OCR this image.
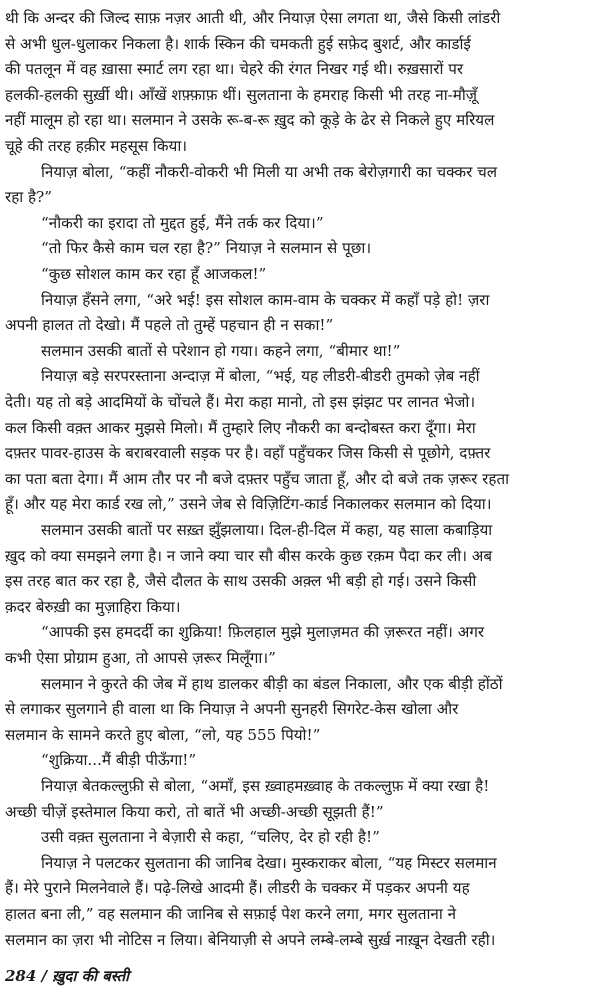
थी कि अन्दर की जिल्द साफ़ नज़र आती थी, और नियाज़ ऐसा लगता था, जैसे किसी लांडरी
से अभी धुल-धुलाकर निकला है। शार्क स्किन की चमकती हुई सफ़ेद बुशर्ट, और कार्डाई
की पतलून में वह ख़ासा स्मार्ट लग रहा था। चेहरे की रंगत निखर गई थी। रुख़सारों पर
हलकी-हलकी सुर्ख़ी थी। आँखें शफ़्फ़ाफ़ थीं। सुलताना के हमराह किसी भी तरह ना-मौज़ूँ
नहीं मालूम हो रहा था। सलमान ने उसके रू-ब-रू ख़ुद को कूड़े के ढेर से निकले हुए मरियल
चूहे की तरह हक़ीर महसूस किया।
नियाज़ बोला, “कहीं नौकरी-वोकरी भी मिली या अभी तक बेरोज़गारी का चक्कर चल
रहा है?”
“नौकरी का इरादा तो मुद्दत हुई, मैंने तर्क कर दिया।”
“तो फिर कैसे काम चल रहा है?” नियाज़ ने सलमान से पूछा।
“कुछ सोशल काम कर रहा हूँ आजकल!”
नियाज़ हँसने लगा, “अरे भई! इस सोशल काम-वाम के चक्कर में कहाँ पड़े हो! ज़रा
अपनी हालत तो देखो। मैं पहले तो तुम्हें पहचान ही न सका!”
सलमान उसकी बातों से परेशान हो गया। कहने लगा, “बीमार था!”
नियाज़ बड़े सरपरस्ताना अन्दाज़ में बोला, “भई, यह लीडरी-बीडरी तुमको ज़ेब नहीं
देती। यह तो बड़े आदमियों के चोंचले हैं। मेरा कहा मानो, तो इस झंझट पर लानत भेजो।
कल किसी वक़्त आकर मुझसे मिलो। मैं तुम्हारे लिए नौकरी का बन्दोबस्त करा दूँगा। मेरा
दफ़्तर पावर-हाउस के बराबरवाली सड़क पर है। वहाँ पहुँचकर जिस किसी से पूछोगे, दफ़्तर
का पता बता देगा। मैं आम तौर पर नौ बजे दफ़्तर पहुँच जाता हूँ, और दो बजे तक ज़रूर रहता
हूँ। और यह मेरा कार्ड रख लो,” उसने जेब से विज़िटिंग-कार्ड निकालकर सलमान को दिया।
सलमान उसकी बातों पर सख़्त झुँझलाया। दिल-ही-दिल में कहा, यह साला कबाड़िया
ख़ुद को क्या समझने लगा है। न जाने क्या चार सौ बीस करके कुछ रक़म पैदा कर ली। अब
इस तरह बात कर रहा है, जैसे दौलत के साथ उसकी अक़्ल भी बड़ी हो गई। उसने किसी
क़दर बेरुख़ी का मुज़ाहिरा किया।
“आपकी इस हमदर्दी का शुक्रिया! फ़िलहाल मुझे मुलाज़मत की ज़रूरत नहीं। अगर
कभी ऐसा प्रोग्राम हुआ, तो आपसे ज़रूर मिलूँगा।”
सलमान ने कुरते की जेब में हाथ डालकर बीड़ी का बंडल निकाला, और एक बीड़ी होंठों
से लगाकर सुलगाने ही वाला था कि नियाज़ ने अपनी सुनहरी सिगरेट-केस खोला और
सलमान के सामने करते हुए बोला, “लो, यह 555 पियो!”
“शुक्रिया...मैं बीड़ी पीऊँगा!”
नियाज़ बेतकल्लुफ़ी से बोला, “अमाँ, इस ख़्वाहमख़्वाह के तकल्लुफ़ में क्या रखा है!
अच्छी चीज़ें इस्तेमाल किया करो, तो बातें भी अच्छी-अच्छी सूझती हैं!”
उसी वक़्त सुलताना ने बेज़ारी से कहा, “चलिए, देर हो रही है!”
नियाज़ ने पलटकर सुलताना की जानिब देखा। मुस्कराकर बोला, “यह मिस्टर सलमान
हैं। मेरे पुराने मिलनेवाले हैं। पढ़े-लिखे आदमी हैं। लीडरी के चक्कर में पड़कर अपनी यह
हालत बना ली,” वह सलमान की जानिब से सफ़ाई पेश करने लगा, मगर सुलताना ने
सलमान का ज़रा भी नोटिस न लिया। बेनियाज़ी से अपने लम्बे-लम्बे सुर्ख़ नाख़ून देखती रही।
284 / ख़ुदा की बस्ती
